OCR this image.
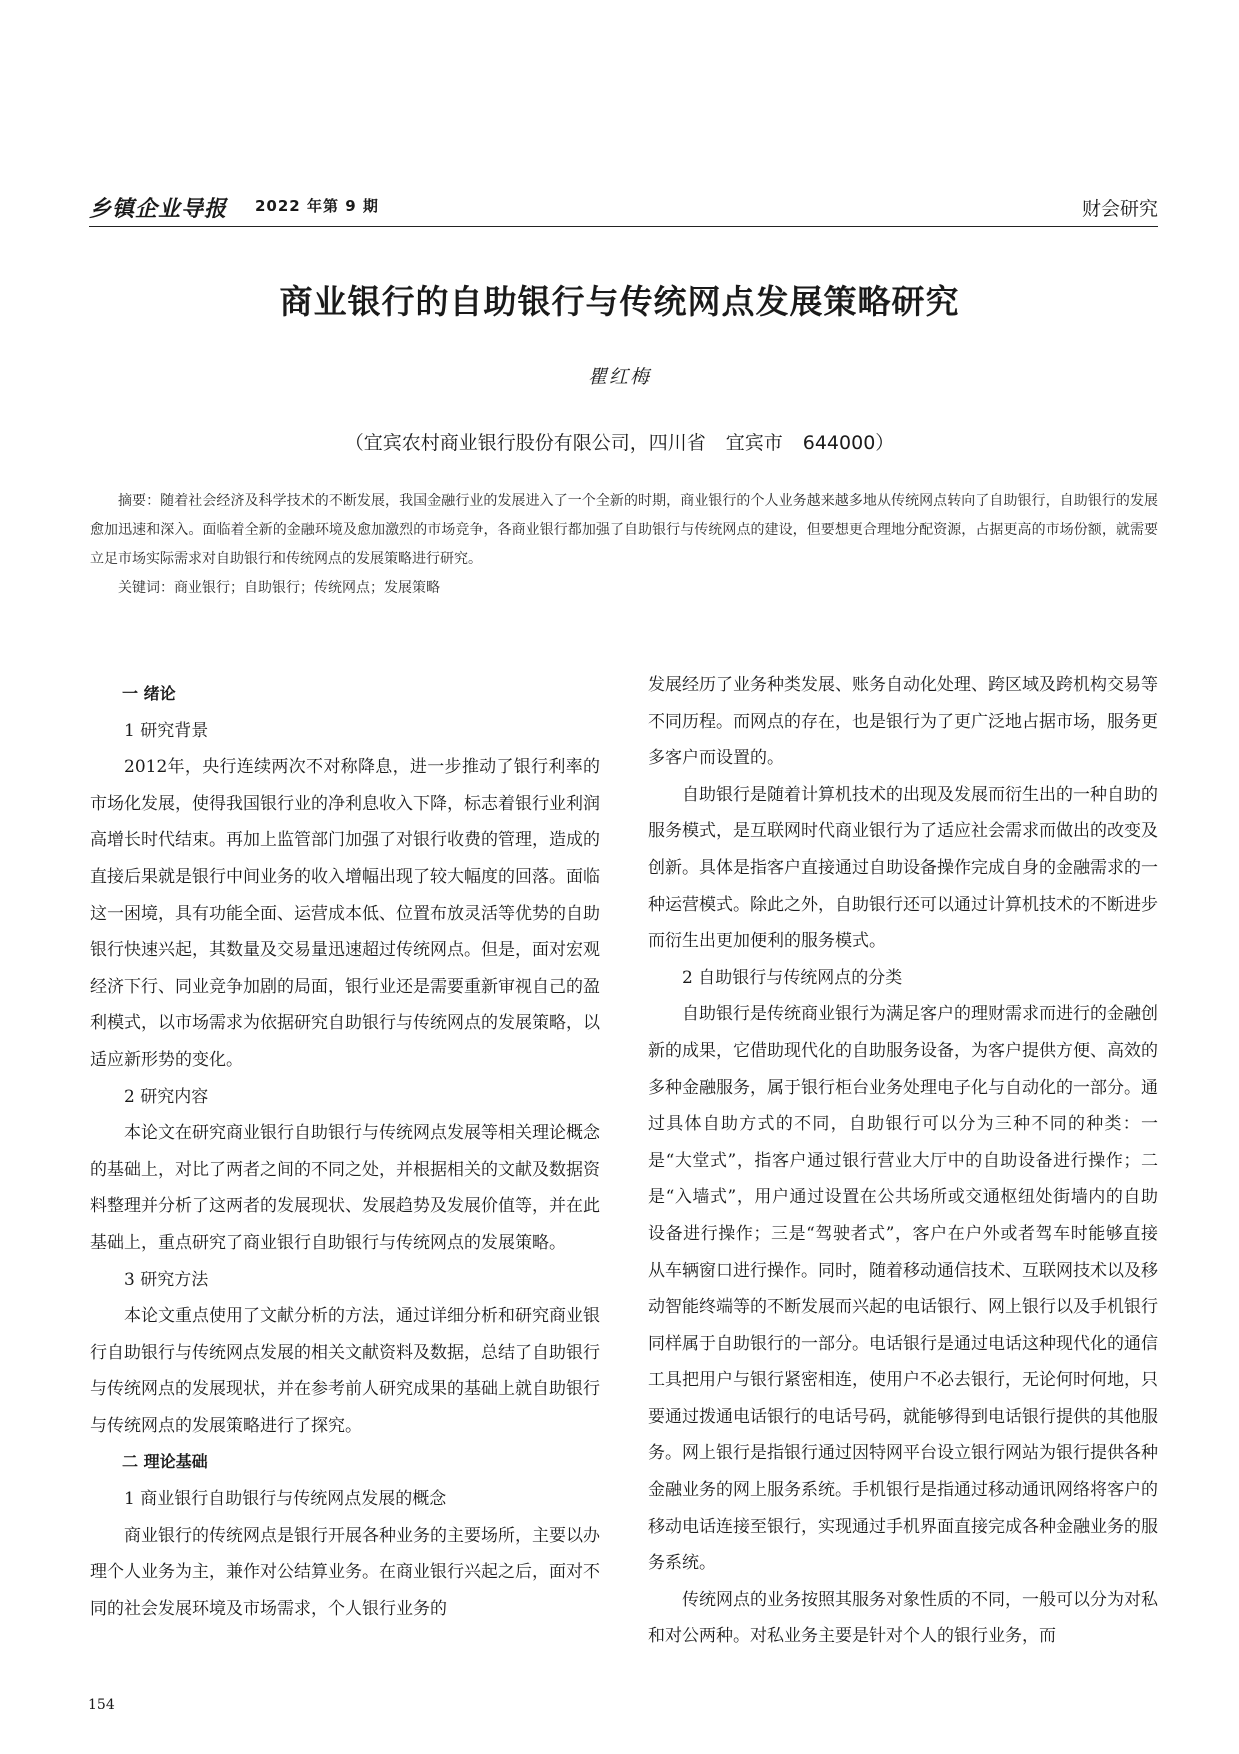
乡镇企业导报 2022 年第 9 期	财会研究
商业银行的自助银行与传统网点发展策略研究
瞿红梅
（宜宾农村商业银行股份有限公司，四川省 宜宾市 644000）

摘要：随着社会经济及科学技术的不断发展，我国金融行业的发展进入了一个全新的时期，商业银行的个人业务越来越多地从传统网点转向了自助银行，自助银行的发展愈加迅速和深入。面临着全新的金融环境及愈加激烈的市场竞争，各商业银行都加强了自助银行与传统网点的建设，但要想更合理地分配资源，占据更高的市场份额，就需要立足市场实际需求对自助银行和传统网点的发展策略进行研究。

关键词：商业银行；自助银行；传统网点；发展策略

一 绪论

1 研究背景

2012年，央行连续两次不对称降息，进一步推动了银行利率的市场化发展，使得我国银行业的净利息收入下降，标志着银行业利润高增长时代结束。再加上监管部门加强了对银行收费的管理，造成的直接后果就是银行中间业务的收入增幅出现了较大幅度的回落。面临这一困境，具有功能全面、运营成本低、位置布放灵活等优势的自助银行快速兴起，其数量及交易量迅速超过传统网点。但是，面对宏观经济下行、同业竞争加剧的局面，银行业还是需要重新审视自己的盈利模式，以市场需求为依据研究自助银行与传统网点的发展策略，以适应新形势的变化。

2 研究内容

本论文在研究商业银行自助银行与传统网点发展等相关理论概念的基础上，对比了两者之间的不同之处，并根据相关的文献及数据资料整理并分析了这两者的发展现状、发展趋势及发展价值等，并在此基础上，重点研究了商业银行自助银行与传统网点的发展策略。

3 研究方法

本论文重点使用了文献分析的方法，通过详细分析和研究商业银行自助银行与传统网点发展的相关文献资料及数据，总结了自助银行与传统网点的发展现状，并在参考前人研究成果的基础上就自助银行与传统网点的发展策略进行了探究。

二 理论基础

1 商业银行自助银行与传统网点发展的概念

商业银行的传统网点是银行开展各种业务的主要场所，主要以办理个人业务为主，兼作对公结算业务。在商业银行兴起之后，面对不同的社会发展环境及市场需求，个人银行业务的

发展经历了业务种类发展、账务自动化处理、跨区域及跨机构交易等不同历程。而网点的存在，也是银行为了更广泛地占据市场，服务更多客户而设置的。

自助银行是随着计算机技术的出现及发展而衍生出的一种自助的服务模式，是互联网时代商业银行为了适应社会需求而做出的改变及创新。具体是指客户直接通过自助设备操作完成自身的金融需求的一种运营模式。除此之外，自助银行还可以通过计算机技术的不断进步而衍生出更加便利的服务模式。

2 自助银行与传统网点的分类

自助银行是传统商业银行为满足客户的理财需求而进行的金融创新的成果，它借助现代化的自助服务设备，为客户提供方便、高效的多种金融服务，属于银行柜台业务处理电子化与自动化的一部分。通过具体自助方式的不同，自助银行可以分为三种不同的种类：一是“大堂式”，指客户通过银行营业大厅中的自助设备进行操作；二是“入墙式”，用户通过设置在公共场所或交通枢纽处街墙内的自助设备进行操作；三是“驾驶者式”，客户在户外或者驾车时能够直接从车辆窗口进行操作。同时，随着移动通信技术、互联网技术以及移动智能终端等的不断发展而兴起的电话银行、网上银行以及手机银行同样属于自助银行的一部分。电话银行是通过电话这种现代化的通信工具把用户与银行紧密相连，使用户不必去银行，无论何时何地，只要通过拨通电话银行的电话号码，就能够得到电话银行提供的其他服务。网上银行是指银行通过因特网平台设立银行网站为银行提供各种金融业务的网上服务系统。手机银行是指通过移动通讯网络将客户的移动电话连接至银行，实现通过手机界面直接完成各种金融业务的服务系统。

传统网点的业务按照其服务对象性质的不同，一般可以分为对私和对公两种。对私业务主要是针对个人的银行业务，而

154
